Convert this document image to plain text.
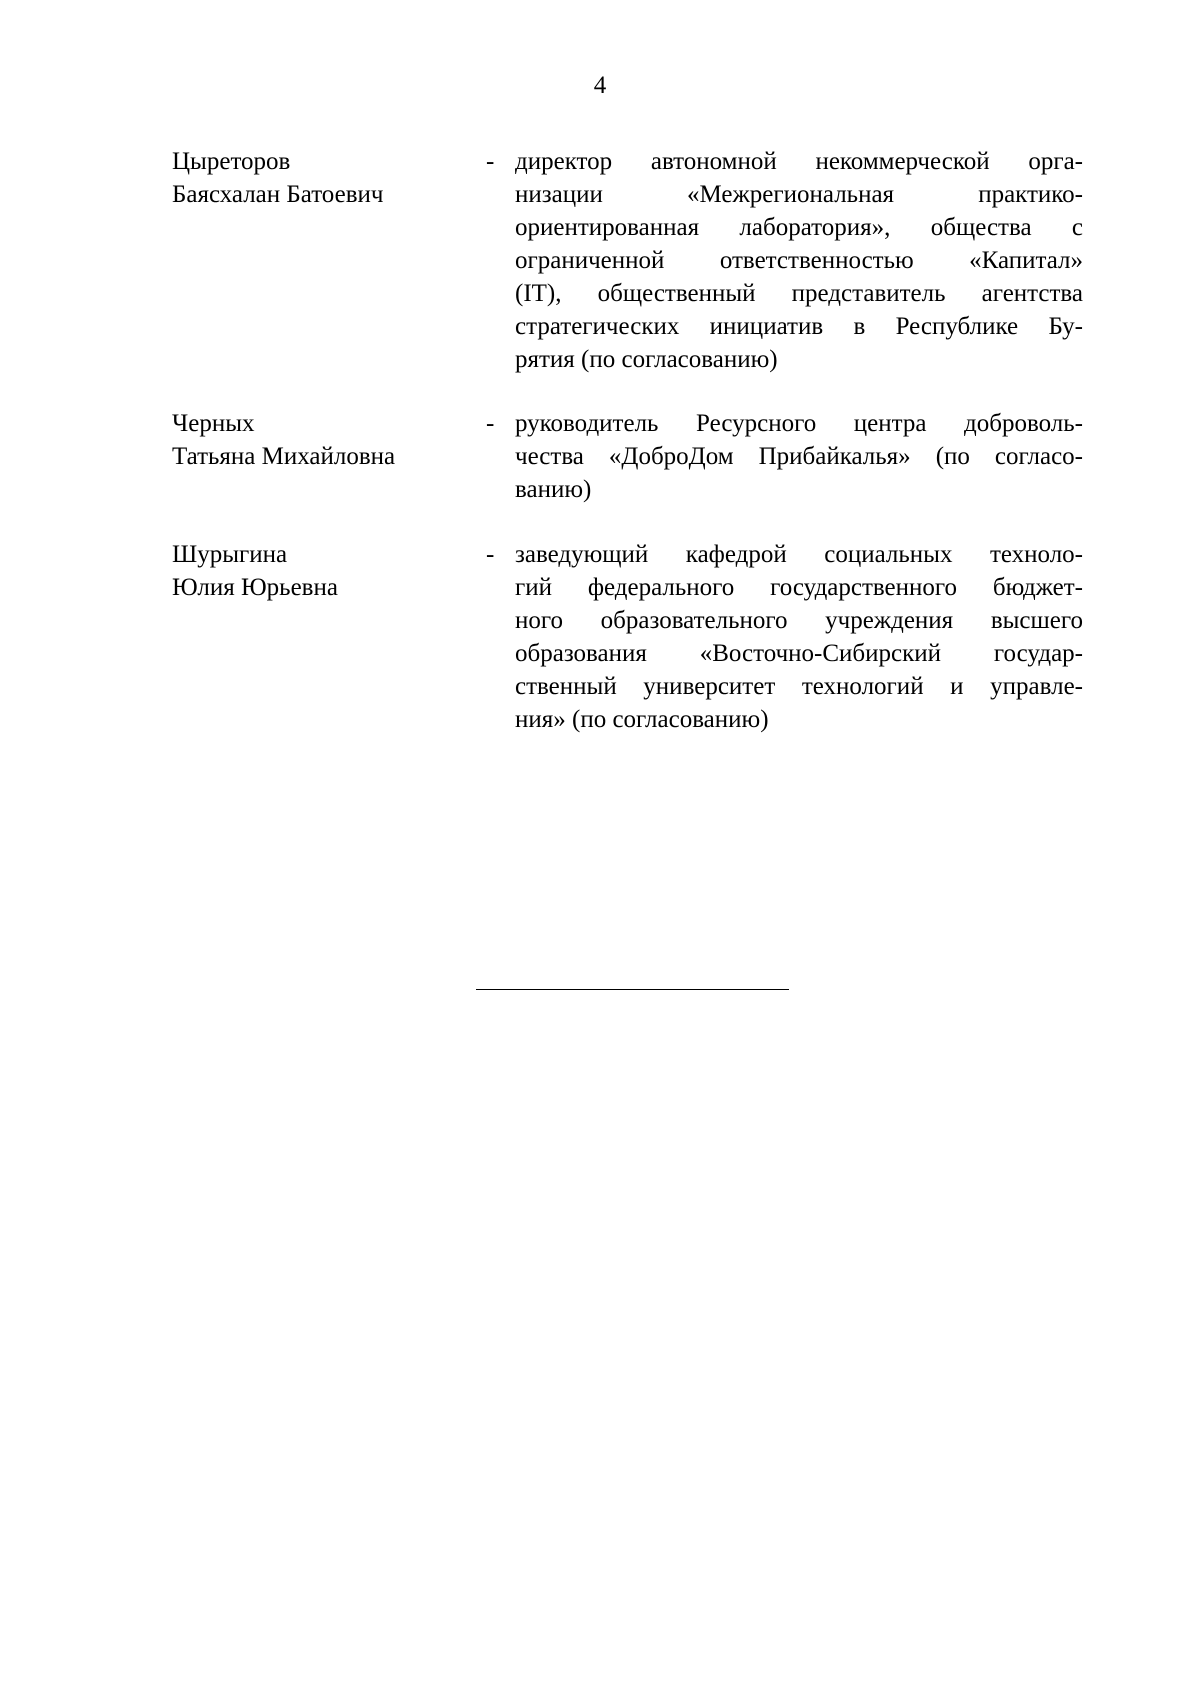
4
Цыреторов
Баясхалан Батоевич
- директор автономной некоммерческой орга-
низации «Межрегиональная практико-
ориентированная лаборатория», общества с
ограниченной ответственностью «Капитал»
(IT), общественный представитель агентства
стратегических инициатив в Республике Бу-
рятия (по согласованию)
Черных
Татьяна Михайловна
- руководитель Ресурсного центра доброволь-
чества «ДоброДом Прибайкалья» (по согласо-
ванию)
Шурыгина
Юлия Юрьевна
- заведующий кафедрой социальных техноло-
гий федерального государственного бюджет-
ного образовательного учреждения высшего
образования «Восточно-Сибирский государ-
ственный университет технологий и управле-
ния» (по согласованию)
